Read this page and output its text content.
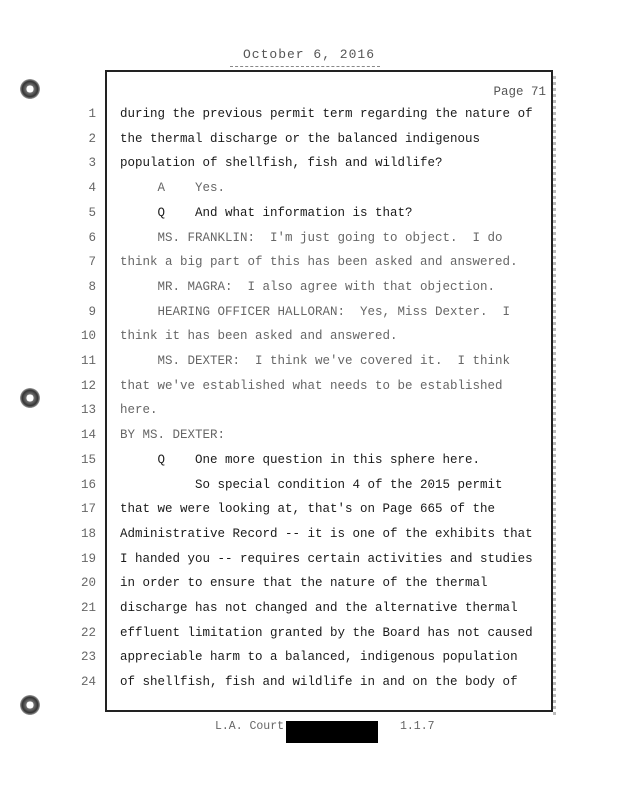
October 6, 2016
Page 71
1 during the previous permit term regarding the nature of
2 the thermal discharge or the balanced indigenous
3 population of shellfish, fish and wildlife?
4 A    Yes.
5 Q    And what information is that?
6 MS. FRANKLIN:  I'm just going to object.  I do
7 think a big part of this has been asked and answered.
8 MR. MAGRA:  I also agree with that objection.
9 HEARING OFFICER HALLORAN:  Yes, Miss Dexter.  I
10 think it has been asked and answered.
11 MS. DEXTER:  I think we've covered it.  I think
12 that we've established what needs to be established
13 here.
14 BY MS. DEXTER:
15 Q    One more question in this sphere here.
16 So special condition 4 of the 2015 permit
17 that we were looking at, that's on Page 665 of the
18 Administrative Record -- it is one of the exhibits that
19 I handed you -- requires certain activities and studies
20 in order to ensure that the nature of the thermal
21 discharge has not changed and the alternative thermal
22 effluent limitation granted by the Board has not caused
23 appreciable harm to a balanced, indigenous population
24 of shellfish, fish and wildlife in and on the body of
L.A. Court	1.1.7
